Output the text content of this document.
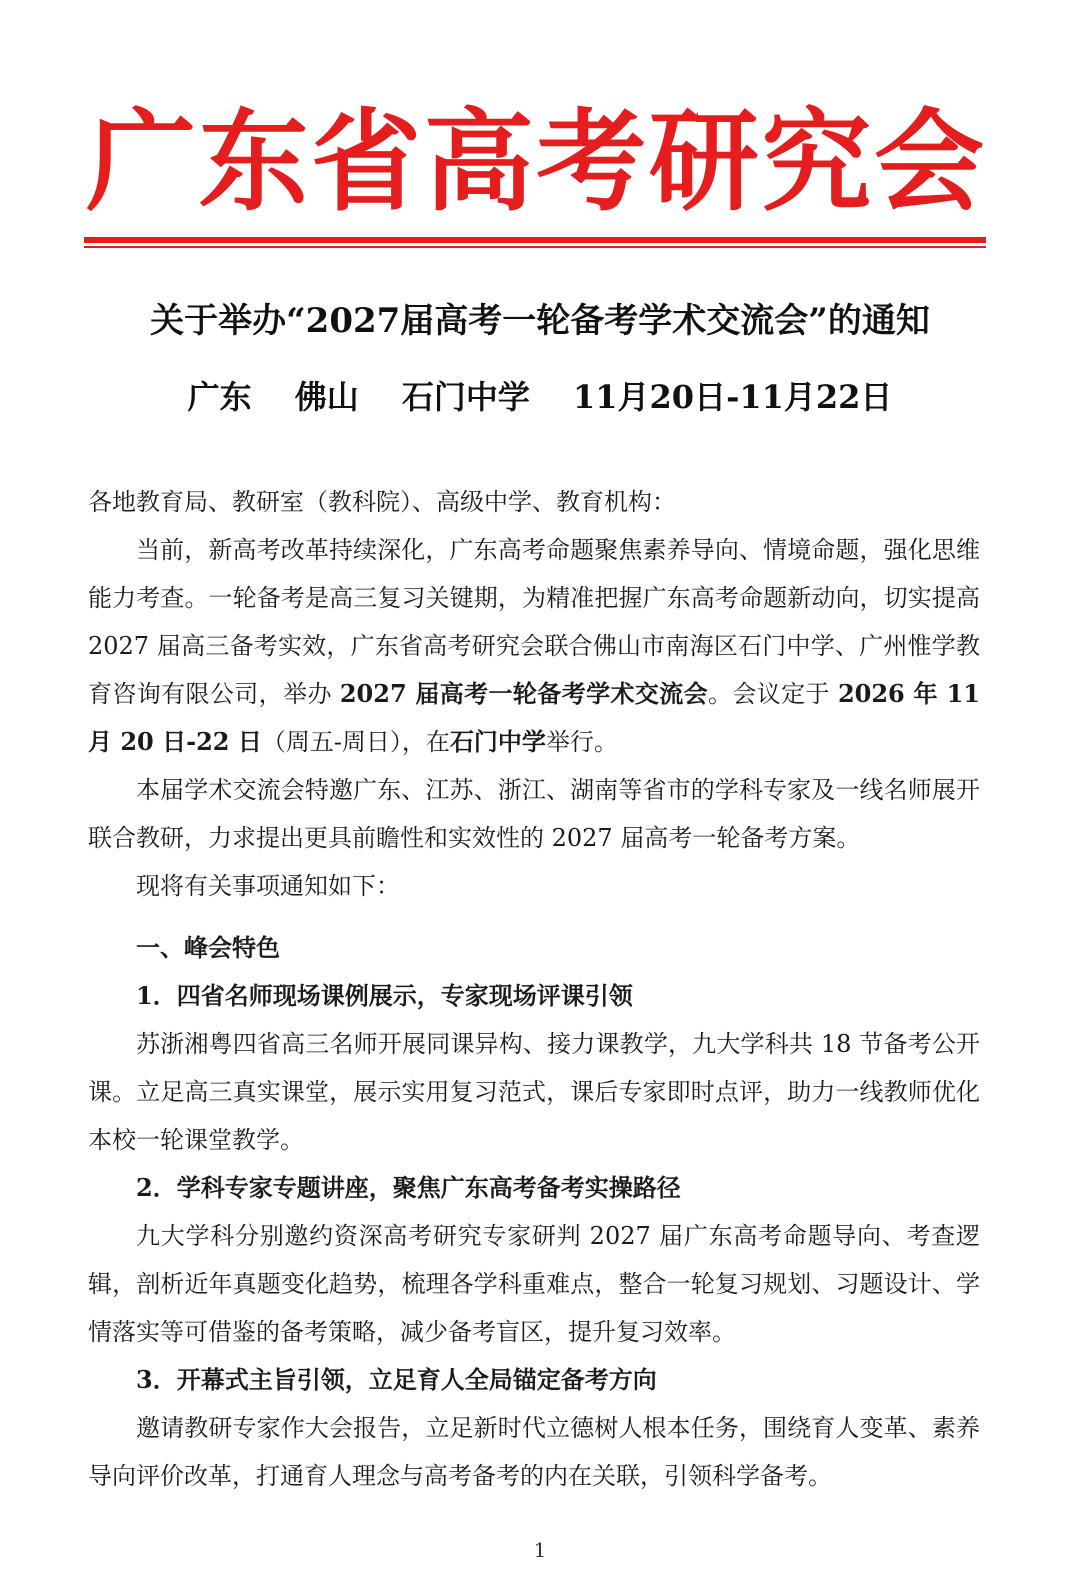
广东省高考研究会
关于举办“2027届高考一轮备考学术交流会”的通知
广东　 佛山　 石门中学　 11月20日-11月22日

各地教育局、教研室（教科院）、高级中学、教育机构：

当前，新高考改革持续深化，广东高考命题聚焦素养导向、情境命题，强化思维能力考查。一轮备考是高三复习关键期，为精准把握广东高考命题新动向，切实提高 2027 届高三备考实效，广东省高考研究会联合佛山市南海区石门中学、广州惟学教育咨询有限公司，举办 2027 届高考一轮备考学术交流会。会议定于 2026 年 11 月 20 日-22 日（周五-周日），在石门中学举行。

本届学术交流会特邀广东、江苏、浙江、湖南等省市的学科专家及一线名师展开联合教研，力求提出更具前瞻性和实效性的 2027 届高考一轮备考方案。

现将有关事项通知如下：

一、峰会特色

1．四省名师现场课例展示，专家现场评课引领

苏浙湘粤四省高三名师开展同课异构、接力课教学，九大学科共 18 节备考公开课。立足高三真实课堂，展示实用复习范式，课后专家即时点评，助力一线教师优化本校一轮课堂教学。

2．学科专家专题讲座，聚焦广东高考备考实操路径

九大学科分别邀约资深高考研究专家研判 2027 届广东高考命题导向、考查逻辑，剖析近年真题变化趋势，梳理各学科重难点，整合一轮复习规划、习题设计、学情落实等可借鉴的备考策略，减少备考盲区，提升复习效率。

3．开幕式主旨引领，立足育人全局锚定备考方向

邀请教研专家作大会报告，立足新时代立德树人根本任务，围绕育人变革、素养导向评价改革，打通育人理念与高考备考的内在关联，引领科学备考。

1
